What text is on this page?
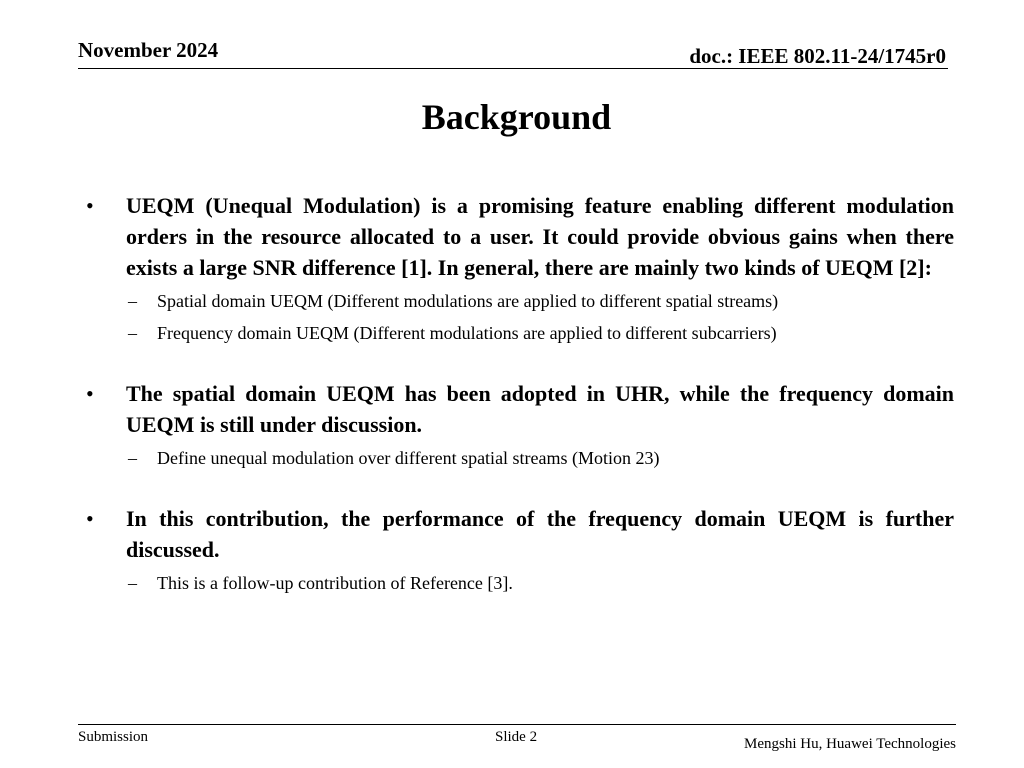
November 2024	doc.: IEEE 802.11-24/1745r0
Background
• UEQM (Unequal Modulation) is a promising feature enabling different modulation orders in the resource allocated to a user. It could provide obvious gains when there exists a large SNR difference [1]. In general, there are mainly two kinds of UEQM [2]:
– Spatial domain UEQM (Different modulations are applied to different spatial streams)
– Frequency domain UEQM (Different modulations are applied to different subcarriers)
• The spatial domain UEQM has been adopted in UHR, while the frequency domain UEQM is still under discussion.
– Define unequal modulation over different spatial streams (Motion 23)
• In this contribution, the performance of the frequency domain UEQM is further discussed.
– This is a follow-up contribution of Reference [3].
Submission	Slide 2	Mengshi Hu, Huawei Technologies
